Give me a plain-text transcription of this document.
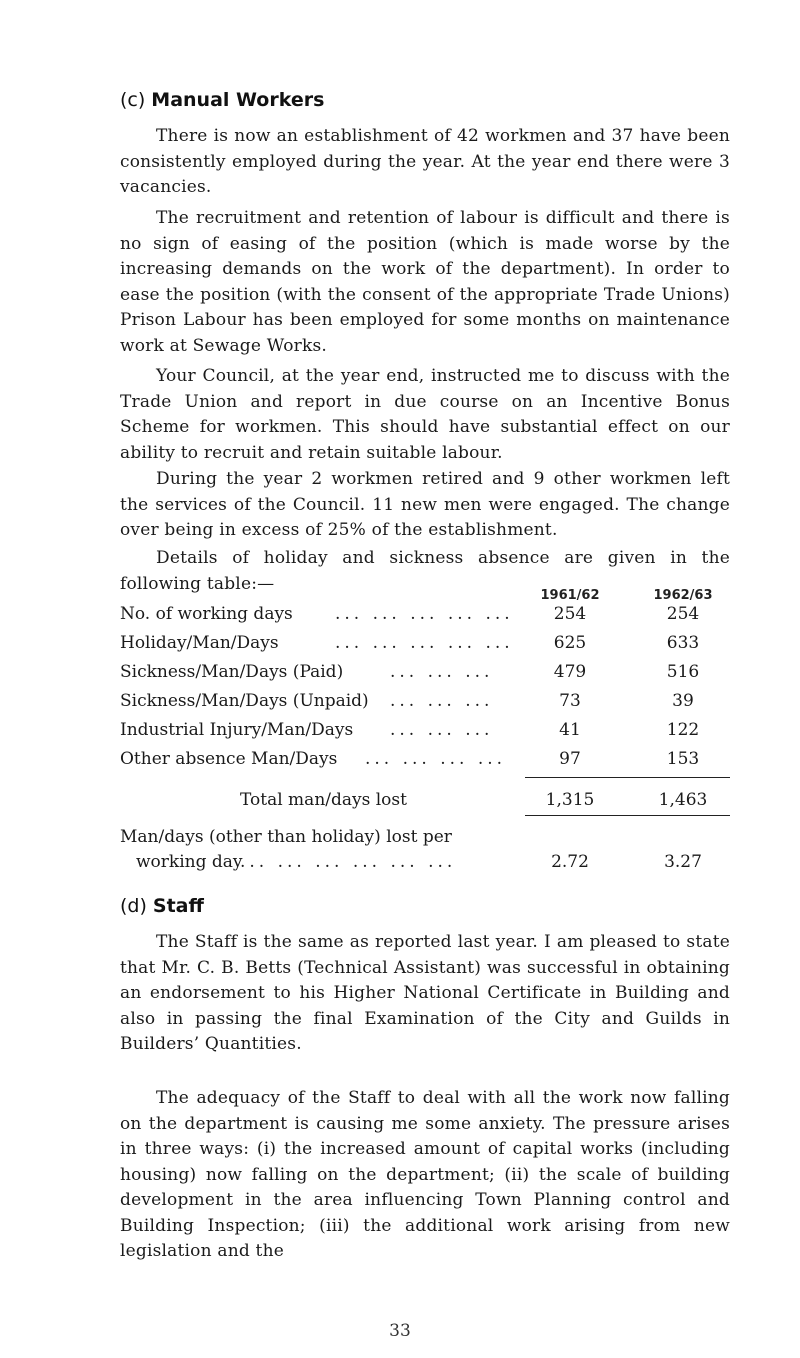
(c) Manual Workers

There is now an establishment of 42 workmen and 37 have been consistently employed during the year. At the year end there were 3 vacancies.

The recruitment and retention of labour is difficult and there is no sign of easing of the position (which is made worse by the increasing demands on the work of the department). In order to ease the position (with the consent of the appropriate Trade Unions) Prison Labour has been employed for some months on maintenance work at Sewage Works.

Your Council, at the year end, instructed me to discuss with the Trade Union and report in due course on an Incentive Bonus Scheme for workmen. This should have substantial effect on our ability to recruit and retain suitable labour.

During the year 2 workmen retired and 9 other workmen left the services of the Council. 11 new men were engaged. The change over being in excess of 25% of the establishment.

Details of holiday and sickness absence are given in the following table:—

1961/62	1962/63
No. of working days ... ... ... ... ...	254	254
Holiday/Man/Days	... ... ... ... ...	625	633
Sickness/Man/Days (Paid)	... ... ...	479	516
Sickness/Man/Days (Unpaid) ... ... ...	73	39
Industrial Injury/Man/Days ... ... ...	41	122
Other absence Man/Days ... ... ... ...	97	153
Total man/days lost	1,315	1,463
Man/days (other than holiday) lost per
working day
... ... ... ... ... ...	2.72	3.27
(d) Staff

The Staff is the same as reported last year. I am pleased to state that Mr. C. B. Betts (Technical Assistant) was successful in obtaining an endorsement to his Higher National Certificate in Building and also in passing the final Examination of the City and Guilds in Builders’ Quantities.

The adequacy of the Staff to deal with all the work now falling on the department is causing me some anxiety. The pressure arises in three ways: (i) the increased amount of capital works (including housing) now falling on the department; (ii) the scale of building development in the area influencing Town Planning control and Building Inspection; (iii) the additional work arising from new legislation and the

33
